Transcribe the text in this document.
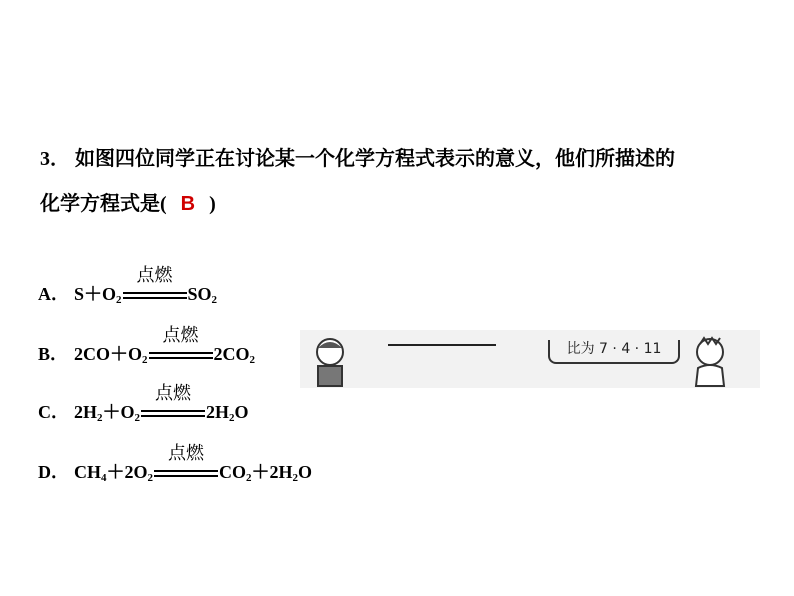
3． 如图四位同学正在讨论某一个化学方程式表示的意义，他们所描述的
化学方程式是( B )
比为 7 · 4 · 11
A． $S+O_2$
点燃
$SO_2$
B． $2CO+O_2$
点燃
$2CO_2$
C． $2H_2+O_2$
点燃
$2H_2O$
D． $CH_4+2O_2$
点燃
$CO_2+2H_2O$
